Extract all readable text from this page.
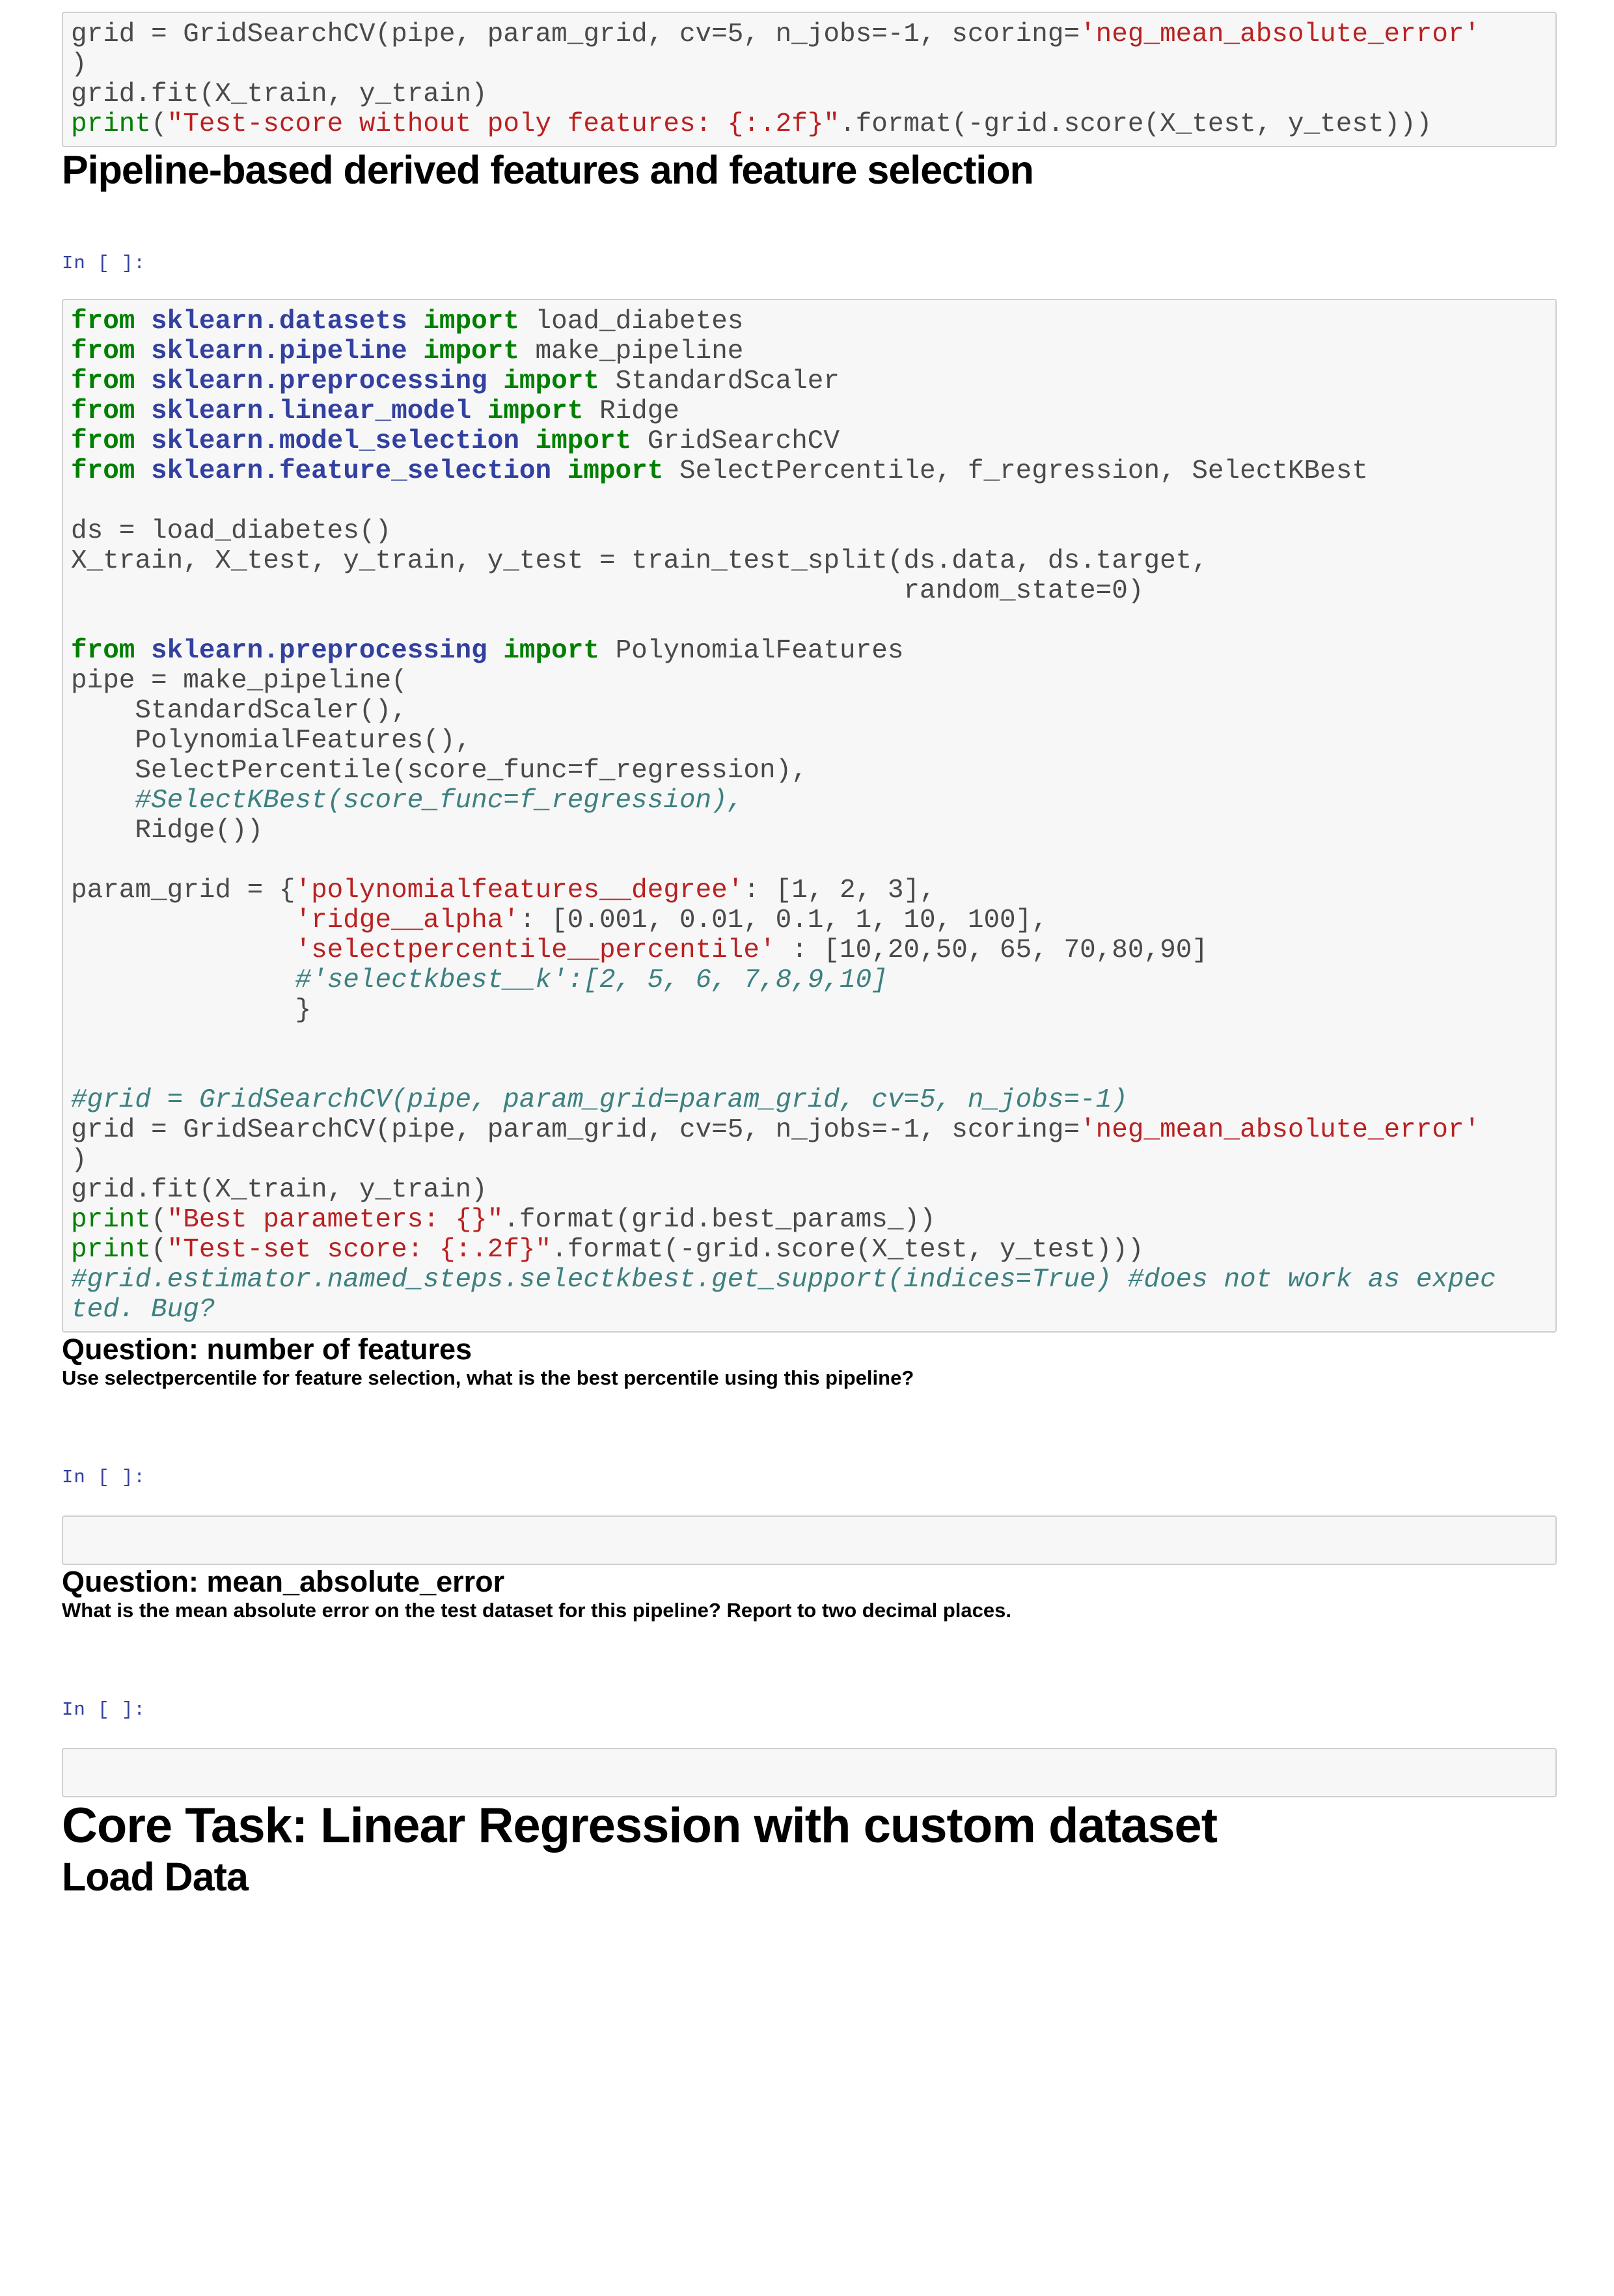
grid = GridSearchCV(pipe, param_grid, cv=5, n_jobs=-1, scoring='neg_mean_absolute_error'
)
grid.fit(X_train, y_train)
print("Test-score without poly features: {:.2f}".format(-grid.score(X_test, y_test)))
Pipeline-based derived features and feature selection
In [ ]:
from sklearn.datasets import load_diabetes
from sklearn.pipeline import make_pipeline
from sklearn.preprocessing import StandardScaler
from sklearn.linear_model import Ridge
from sklearn.model_selection import GridSearchCV
from sklearn.feature_selection import SelectPercentile, f_regression, SelectKBest

ds = load_diabetes()
X_train, X_test, y_train, y_test = train_test_split(ds.data, ds.target,
random_state=0)

from sklearn.preprocessing import PolynomialFeatures
pipe = make_pipeline(
StandardScaler(),
PolynomialFeatures(),
SelectPercentile(score_func=f_regression),
#SelectKBest(score_func=f_regression),
Ridge())

param_grid = {'polynomialfeatures__degree': [1, 2, 3],
'ridge__alpha': [0.001, 0.01, 0.1, 1, 10, 100],
'selectpercentile__percentile' : [10,20,50, 65, 70,80,90]
#'selectkbest__k':[2, 5, 6, 7,8,9,10]
}

#grid = GridSearchCV(pipe, param_grid=param_grid, cv=5, n_jobs=-1)
grid = GridSearchCV(pipe, param_grid, cv=5, n_jobs=-1, scoring='neg_mean_absolute_error'
)
grid.fit(X_train, y_train)
print("Best parameters: {}".format(grid.best_params_))
print("Test-set score: {:.2f}".format(-grid.score(X_test, y_test)))
#grid.estimator.named_steps.selectkbest.get_support(indices=True) #does not work as expec
ted. Bug?
Question: number of features

Use selectpercentile for feature selection, what is the best percentile using this pipeline?

In [ ]:
Question: mean_absolute_error

What is the mean absolute error on the test dataset for this pipeline? Report to two decimal places.

In [ ]:
Core Task: Linear Regression with custom dataset
Load Data
